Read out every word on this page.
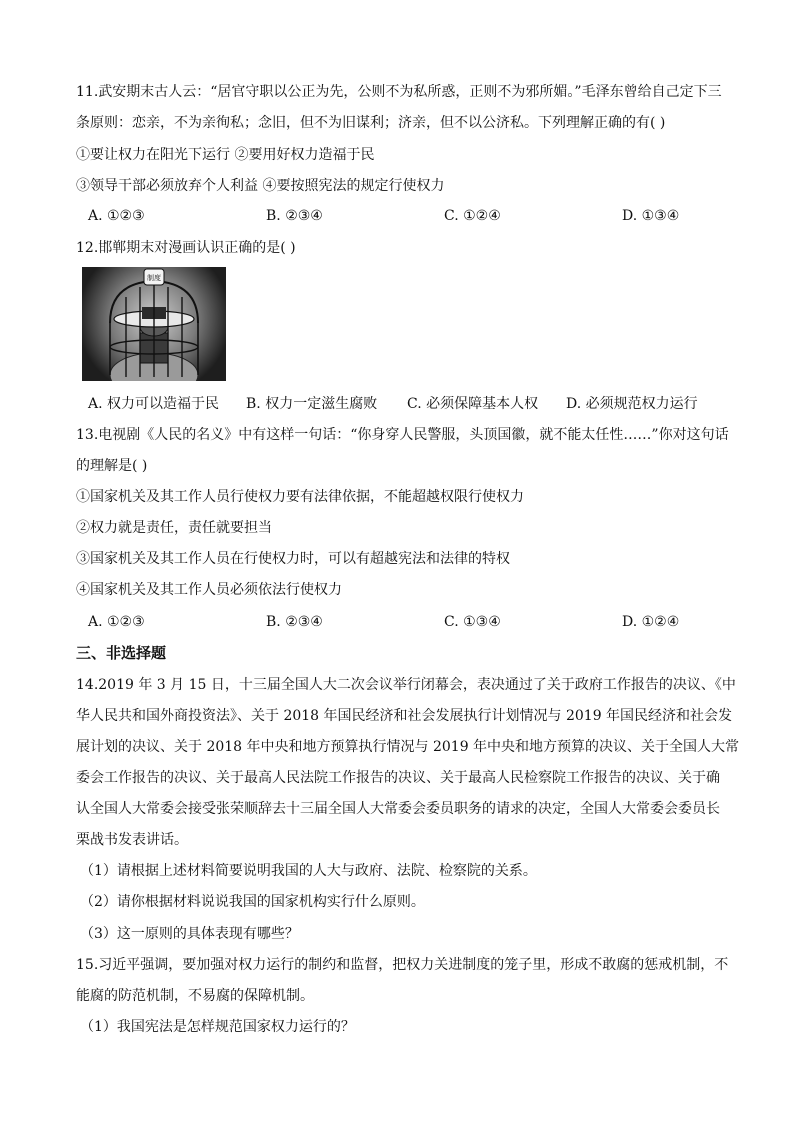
11.武安期末古人云：“居官守职以公正为先，公则不为私所惑，正则不为邪所媚。”毛泽东曾给自己定下三
条原则：恋亲，不为亲徇私；念旧，但不为旧谋利；济亲，但不以公济私。下列理解正确的有( )
①要让权力在阳光下运行 ②要用好权力造福于民
③领导干部必须放弃个人利益 ④要按照宪法的规定行使权力
A. ①②③	B. ②③④	C. ①②④	D. ①③④
12.邯郸期末对漫画认识正确的是( )
制度
A. 权力可以造福于民 B. 权力一定滋生腐败 C. 必须保障基本人权 D. 必须规范权力运行
13.电视剧《人民的名义》中有这样一句话：“你身穿人民警服，头顶国徽，就不能太任性……”你对这句话
的理解是( )
①国家机关及其工作人员行使权力要有法律依据，不能超越权限行使权力
②权力就是责任，责任就要担当
③国家机关及其工作人员在行使权力时，可以有超越宪法和法律的特权
④国家机关及其工作人员必须依法行使权力
A. ①②③	B. ②③④	C. ①③④	D. ①②④
三、非选择题
14.2019 年 3 月 15 日，十三届全国人大二次会议举行闭幕会，表决通过了关于政府工作报告的决议、《中
华人民共和国外商投资法》、关于 2018 年国民经济和社会发展执行计划情况与 2019 年国民经济和社会发
展计划的决议、关于 2018 年中央和地方预算执行情况与 2019 年中央和地方预算的决议、关于全国人大常
委会工作报告的决议、关于最高人民法院工作报告的决议、关于最高人民检察院工作报告的决议、关于确
认全国人大常委会接受张荣顺辞去十三届全国人大常委会委员职务的请求的决定，全国人大常委会委员长
栗战书发表讲话。
（1）请根据上述材料简要说明我国的人大与政府、法院、检察院的关系。
（2）请你根据材料说说我国的国家机构实行什么原则。
（3）这一原则的具体表现有哪些？
15.习近平强调，要加强对权力运行的制约和监督，把权力关进制度的笼子里，形成不敢腐的惩戒机制，不
能腐的防范机制，不易腐的保障机制。
（1）我国宪法是怎样规范国家权力运行的？
